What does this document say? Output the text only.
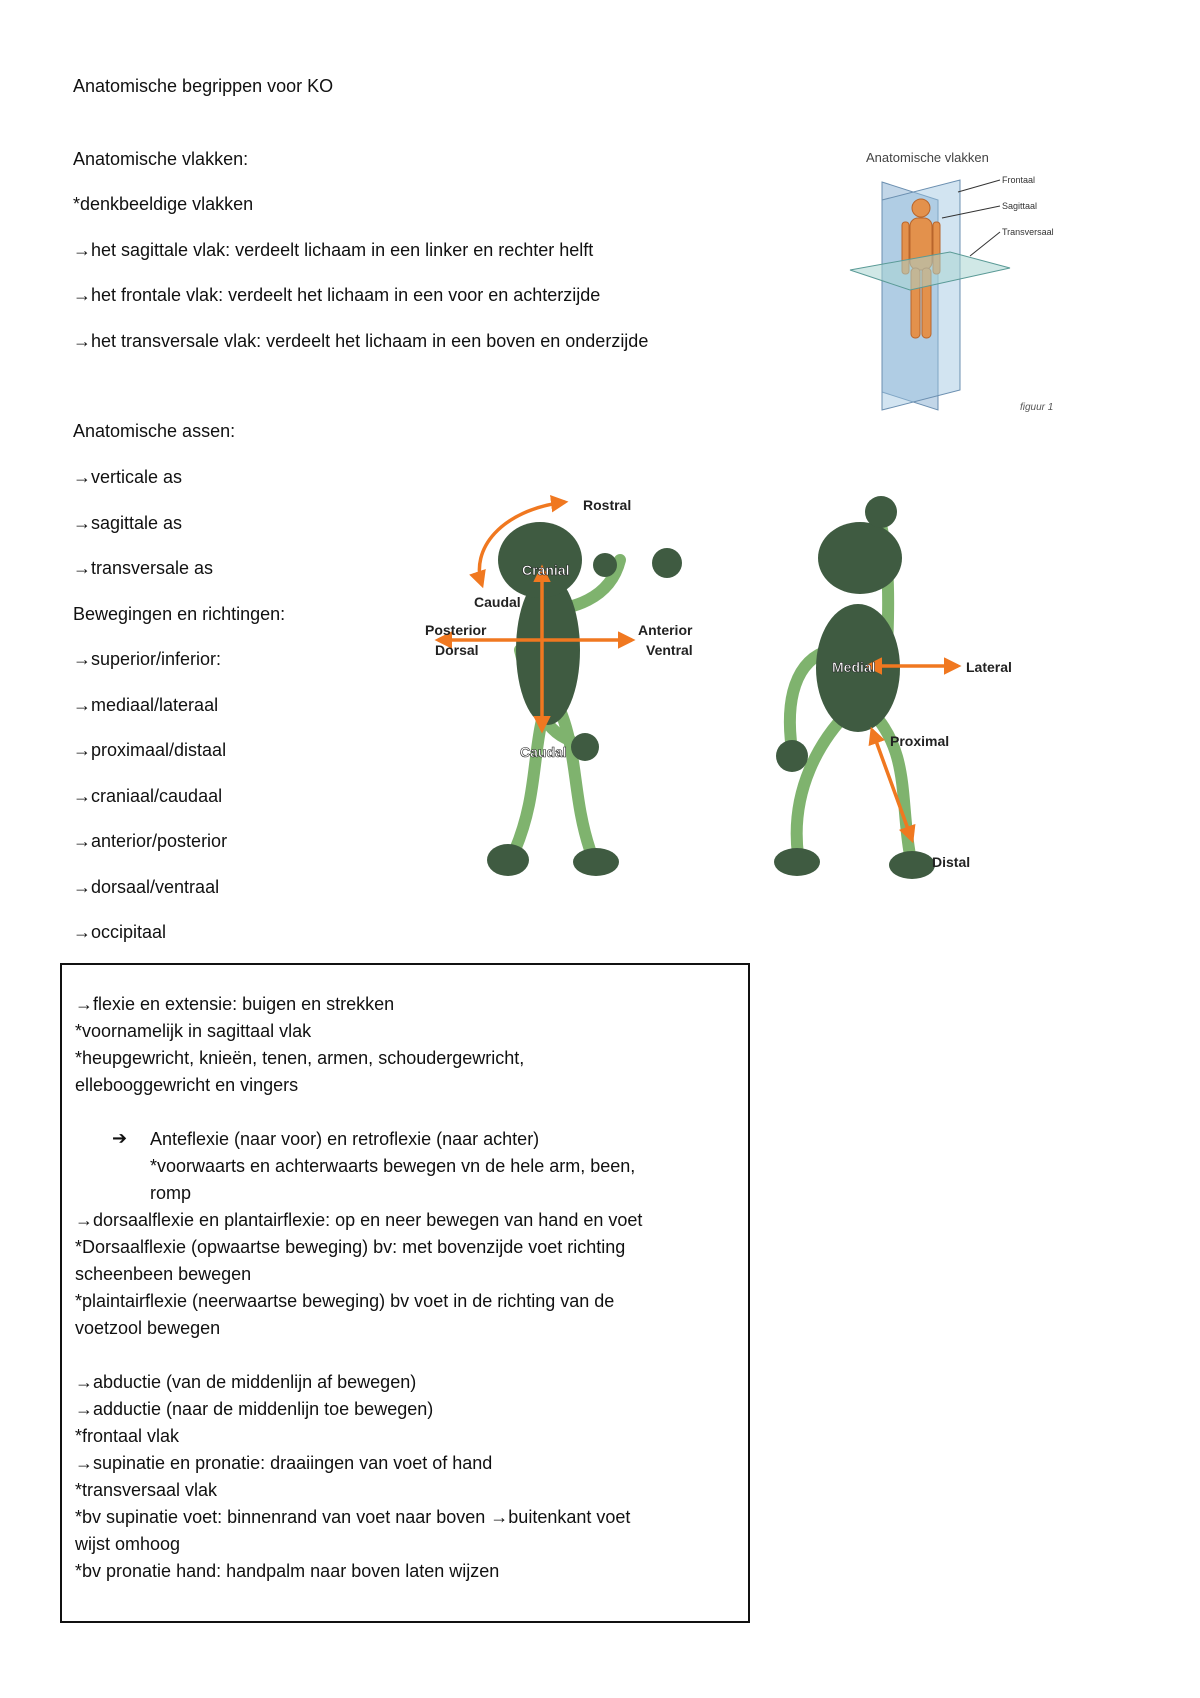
Anatomische begrippen voor KO
Anatomische vlakken:
*denkbeeldige vlakken
→het sagittale vlak: verdeelt lichaam in een linker en rechter helft
→het frontale vlak: verdeelt het lichaam in een voor en achterzijde
→het transversale vlak: verdeelt het lichaam in een boven en onderzijde
Anatomische assen:
→verticale as
→sagittale as
→transversale as
Bewegingen en richtingen:
→superior/inferior:
→mediaal/lateraal
→proximaal/distaal
→craniaal/caudaal
→anterior/posterior
→dorsaal/ventraal
→occipitaal
Anatomische vlakken
Frontaal
Sagittaal
Transversaal
figuur 1
Rostral
Cranial
Caudal
Posterior
Dorsal
Anterior
Ventral
Caudal
Medial	Lateral
Proximal
Distal
→flexie en extensie: buigen en strekken
*voornamelijk in sagittaal vlak
*heupgewricht, knieën, tenen, armen, schoudergewricht,
ellebooggewricht en vingers
➔ Anteflexie (naar voor) en retroflexie (naar achter)
*voorwaarts en achterwaarts bewegen vn de hele arm, been,
romp
→dorsaalflexie en plantairflexie: op en neer bewegen van hand en voet
*Dorsaalflexie (opwaartse beweging) bv: met bovenzijde voet richting
scheenbeen bewegen
*plaintairflexie (neerwaartse beweging) bv voet in de richting van de
voetzool bewegen
→abductie (van de middenlijn af bewegen)
→adductie (naar de middenlijn toe bewegen)
*frontaal vlak
→supinatie en pronatie: draaiingen van voet of hand
*transversaal vlak
*bv supinatie voet: binnenrand van voet naar boven →buitenkant voet
wijst omhoog
*bv pronatie hand: handpalm naar boven laten wijzen
